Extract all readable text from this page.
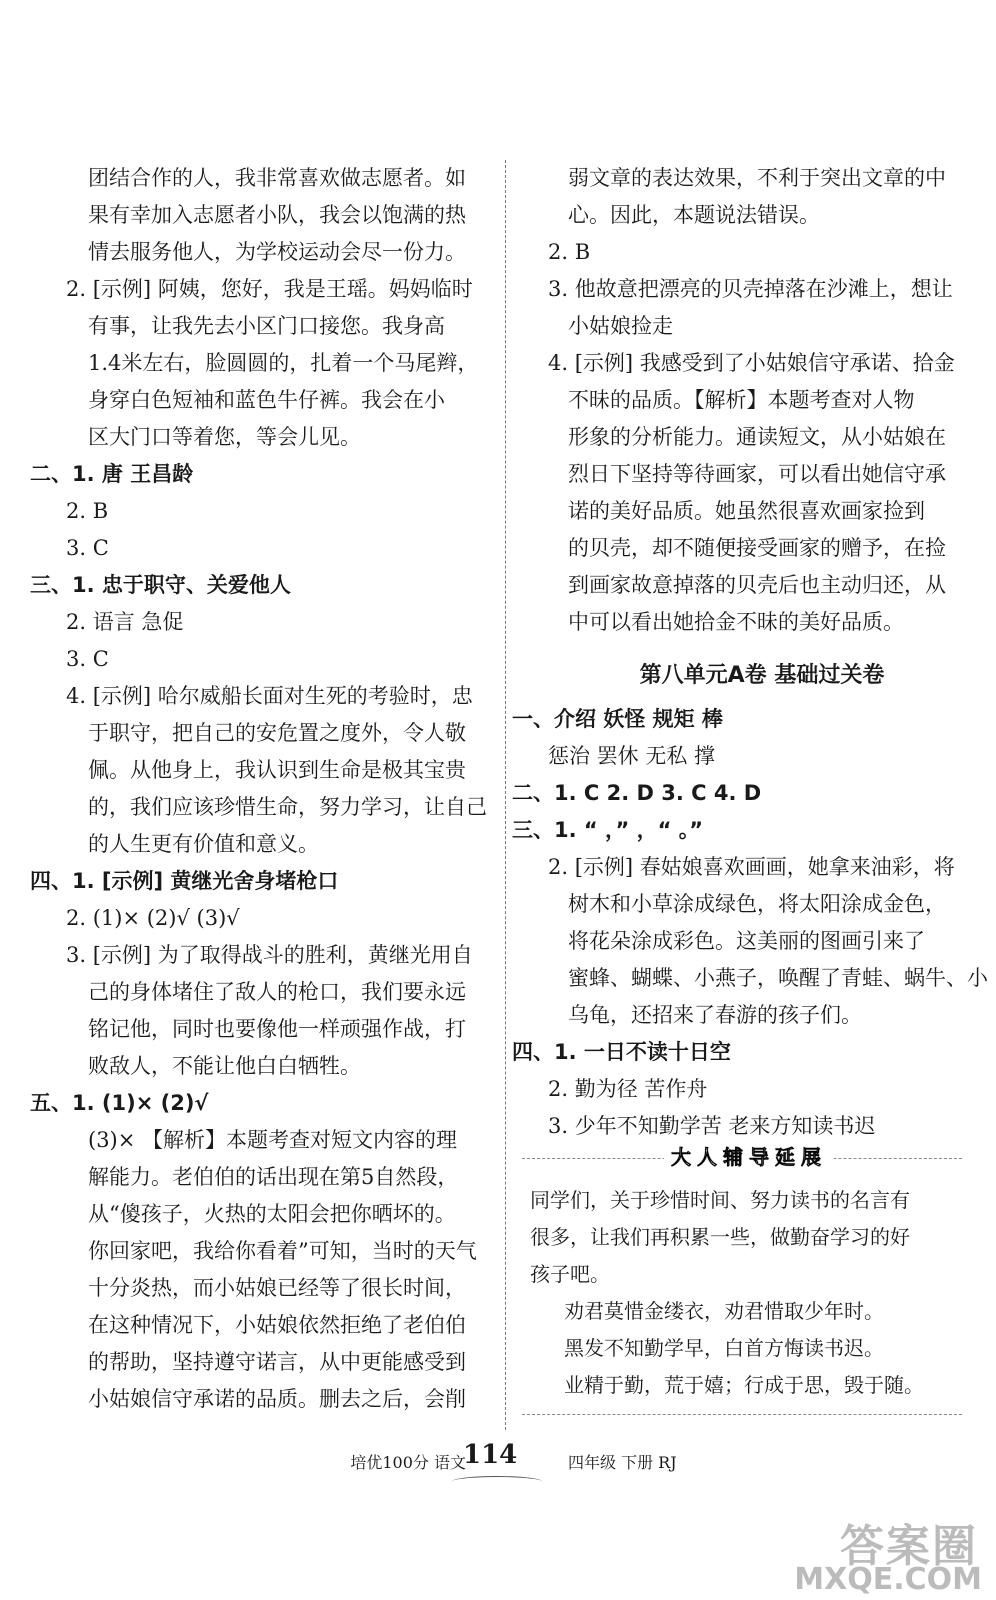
团结合作的人，我非常喜欢做志愿者。如
果有幸加入志愿者小队，我会以饱满的热
情去服务他人，为学校运动会尽一份力。
2. [示例] 阿姨，您好，我是王瑶。妈妈临时
有事，让我先去小区门口接您。我身高
1.4米左右，脸圆圆的，扎着一个马尾辫，
身穿白色短袖和蓝色牛仔裤。我会在小
区大门口等着您，等会儿见。
二、1. 唐 王昌龄
2. B
3. C
三、1. 忠于职守、关爱他人
2. 语言 急促
3. C
4. [示例] 哈尔威船长面对生死的考验时，忠
于职守，把自己的安危置之度外，令人敬
佩。从他身上，我认识到生命是极其宝贵
的，我们应该珍惜生命，努力学习，让自己
的人生更有价值和意义。
四、1. [示例] 黄继光舍身堵枪口
2. (1)× (2)√ (3)√
3. [示例] 为了取得战斗的胜利，黄继光用自
己的身体堵住了敌人的枪口，我们要永远
铭记他，同时也要像他一样顽强作战，打
败敌人，不能让他白白牺牲。
五、1. (1)× (2)√
(3)× 【解析】本题考查对短文内容的理
解能力。老伯伯的话出现在第5自然段，
从“傻孩子，火热的太阳会把你晒坏的。
你回家吧，我给你看着”可知，当时的天气
十分炎热，而小姑娘已经等了很长时间，
在这种情况下，小姑娘依然拒绝了老伯伯
的帮助，坚持遵守诺言，从中更能感受到
小姑娘信守承诺的品质。删去之后，会削
弱文章的表达效果，不利于突出文章的中
心。因此，本题说法错误。
2. B
3. 他故意把漂亮的贝壳掉落在沙滩上，想让
小姑娘捡走
4. [示例] 我感受到了小姑娘信守承诺、拾金
不昧的品质。【解析】本题考查对人物
形象的分析能力。通读短文，从小姑娘在
烈日下坚持等待画家，可以看出她信守承
诺的美好品质。她虽然很喜欢画家捡到
的贝壳，却不随便接受画家的赠予，在捡
到画家故意掉落的贝壳后也主动归还，从
中可以看出她拾金不昧的美好品质。
第八单元A卷 基础过关卷
一、介绍 妖怪 规矩 棒
惩治 罢休 无私 撑
二、1. C 2. D 3. C 4. D
三、1. “ ，” ，“ 。”
2. [示例] 春姑娘喜欢画画，她拿来油彩，将
树木和小草涂成绿色，将太阳涂成金色，
将花朵涂成彩色。这美丽的图画引来了
蜜蜂、蝴蝶、小燕子，唤醒了青蛙、蜗牛、小
乌龟，还招来了春游的孩子们。
四、1. 一日不读十日空
2. 勤为径 苦作舟
3. 少年不知勤学苦 老来方知读书迟
大人辅导延展
同学们，关于珍惜时间、努力读书的名言有
很多，让我们再积累一些，做勤奋学习的好
孩子吧。
劝君莫惜金缕衣，劝君惜取少年时。
黑发不知勤学早，白首方悔读书迟。
业精于勤，荒于嬉；行成于思，毁于随。
培优100分 语文
114	四年级 下册 RJ
答案圈
MXQE.COM
